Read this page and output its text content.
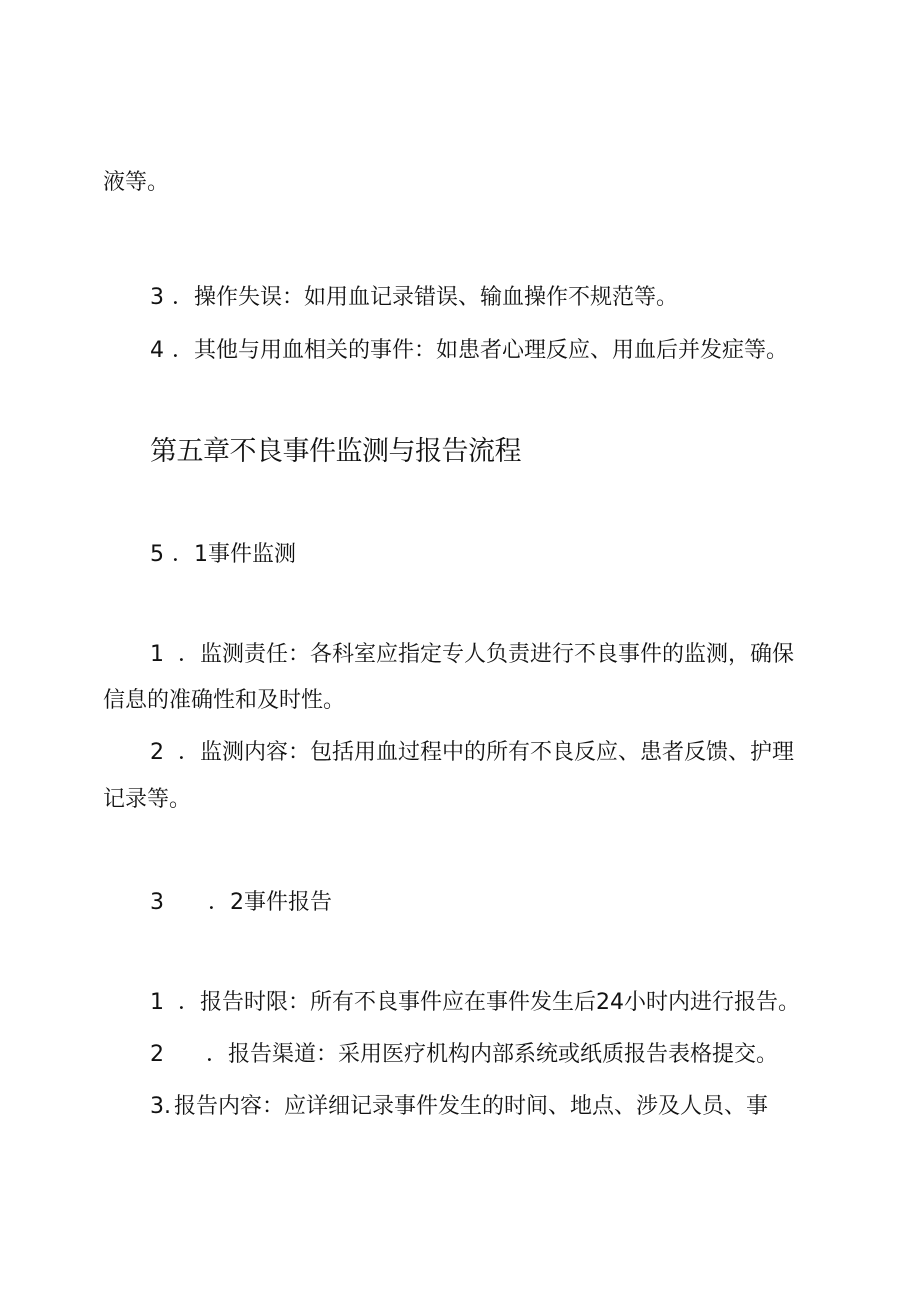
液等。

3 ．操作失误：如用血记录错误、输血操作不规范等。

4 ．其他与用血相关的事件：如患者心理反应、用血后并发症等。

第五章不良事件监测与报告流程

5 ．1事件监测

1 ．监测责任：各科室应指定专人负责进行不良事件的监测，确保

信息的准确性和及时性。

2 ．监测内容：包括用血过程中的所有不良反应、患者反馈、护理

记录等。

3 ．2事件报告

1 ．报告时限：所有不良事件应在事件发生后24小时内进行报告。

2 ．报告渠道：采用医疗机构内部系统或纸质报告表格提交。

3. 报告内容：应详细记录事件发生的时间、地点、涉及人员、事
